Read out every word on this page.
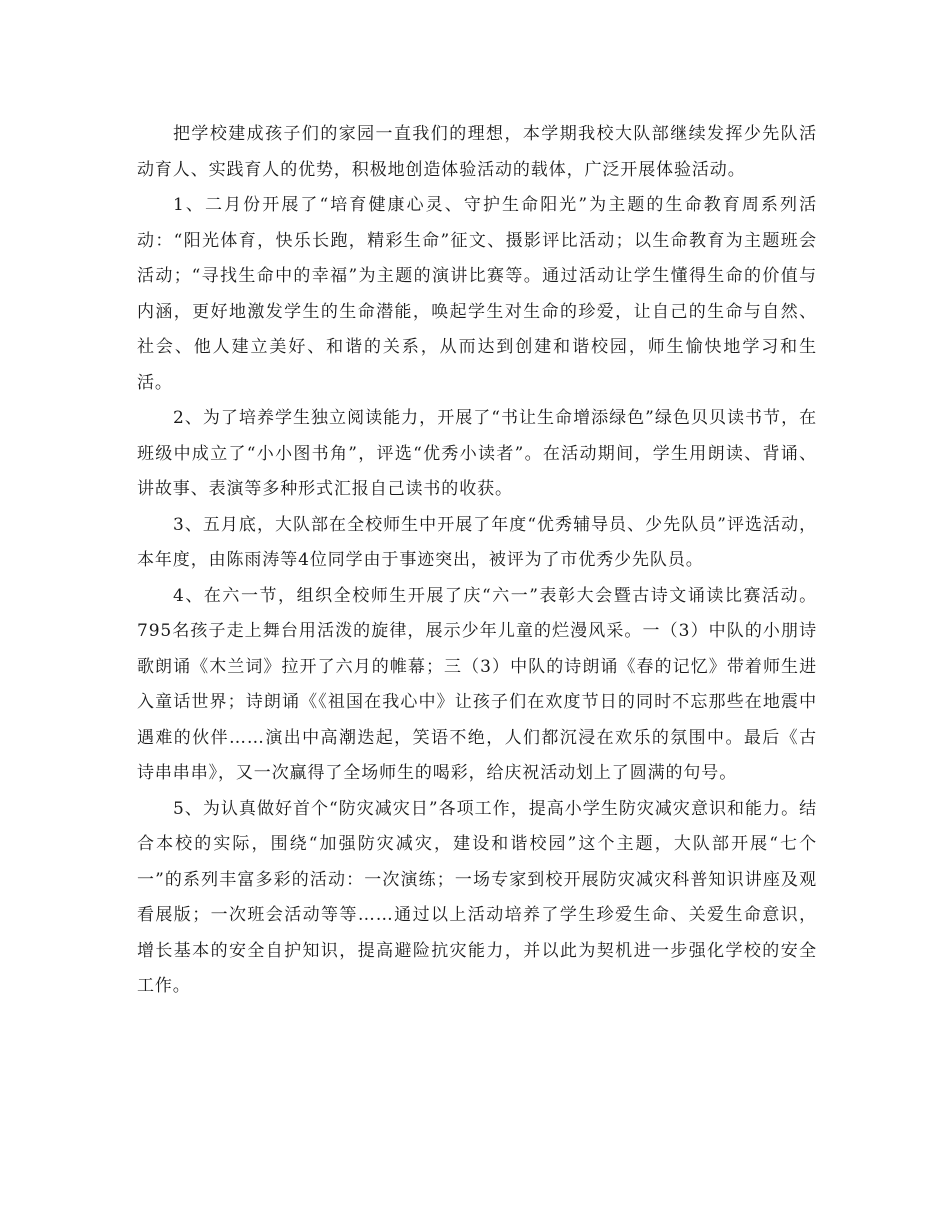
把学校建成孩子们的家园一直我们的理想，本学期我校大队部继续发挥少先队活动育人、实践育人的优势，积极地创造体验活动的载体，广泛开展体验活动。

1、二月份开展了“培育健康心灵、守护生命阳光”为主题的生命教育周系列活动：“阳光体育，快乐长跑，精彩生命”征文、摄影评比活动；以生命教育为主题班会活动；“寻找生命中的幸福”为主题的演讲比赛等。通过活动让学生懂得生命的价值与内涵，更好地激发学生的生命潜能，唤起学生对生命的珍爱，让自己的生命与自然、社会、他人建立美好、和谐的关系，从而达到创建和谐校园，师生愉快地学习和生活。

2、为了培养学生独立阅读能力，开展了“书让生命增添绿色”绿色贝贝读书节，在班级中成立了“小小图书角”，评选“优秀小读者”。在活动期间，学生用朗读、背诵、讲故事、表演等多种形式汇报自己读书的收获。

3、五月底，大队部在全校师生中开展了年度“优秀辅导员、少先队员”评选活动，本年度，由陈雨涛等4位同学由于事迹突出，被评为了市优秀少先队员。

4、在六一节，组织全校师生开展了庆“六一”表彰大会暨古诗文诵读比赛活动。795名孩子走上舞台用活泼的旋律，展示少年儿童的烂漫风采。一（3）中队的小朋诗歌朗诵《木兰词》拉开了六月的帷幕；三（3）中队的诗朗诵《春的记忆》带着师生进入童话世界；诗朗诵《《祖国在我心中》让孩子们在欢度节日的同时不忘那些在地震中遇难的伙伴……演出中高潮迭起，笑语不绝，人们都沉浸在欢乐的氛围中。最后《古诗串串串》，又一次赢得了全场师生的喝彩，给庆祝活动划上了圆满的句号。

5、为认真做好首个“防灾减灾日”各项工作，提高小学生防灾减灾意识和能力。结合本校的实际，围绕“加强防灾减灾，建设和谐校园”这个主题，大队部开展“七个一”的系列丰富多彩的活动：一次演练；一场专家到校开展防灾减灾科普知识讲座及观看展版；一次班会活动等等……通过以上活动培养了学生珍爱生命、关爱生命意识，增长基本的安全自护知识，提高避险抗灾能力，并以此为契机进一步强化学校的安全工作。
